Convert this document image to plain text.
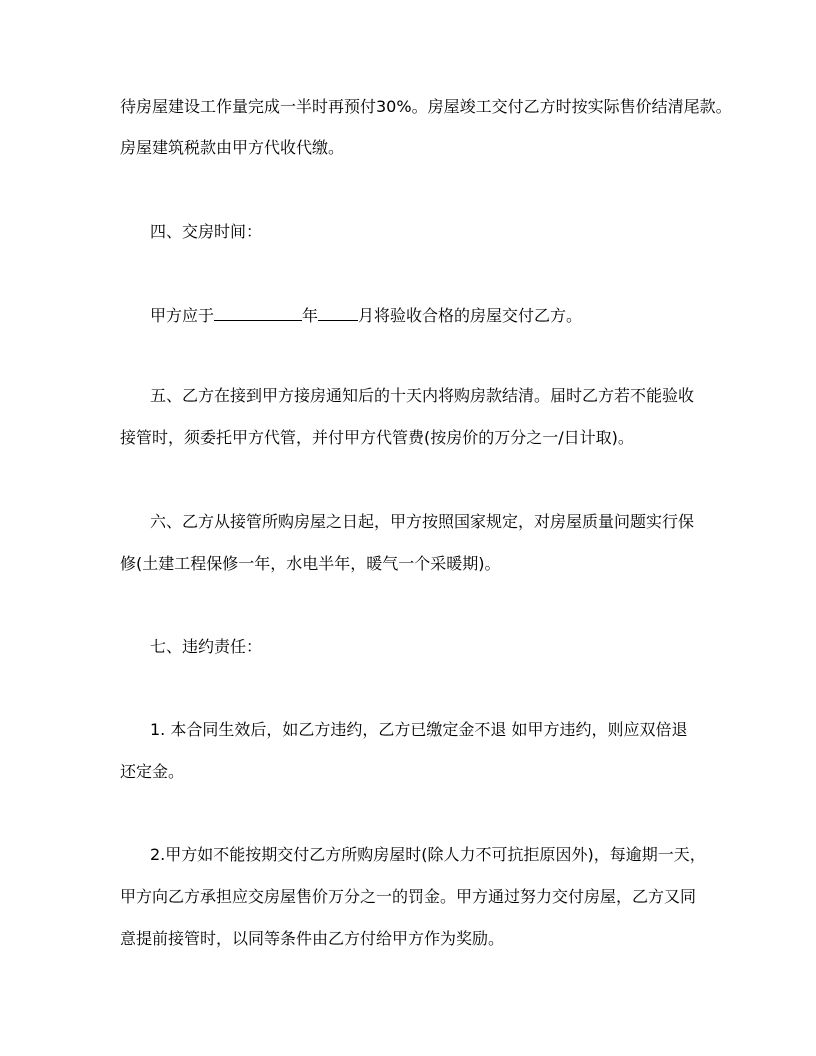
待房屋建设工作量完成一半时再预付30%。房屋竣工交付乙方时按实际售价结清尾款。
房屋建筑税款由甲方代收代缴。
四、交房时间：
甲方应于	年	月将验收合格的房屋交付乙方。
五、乙方在接到甲方接房通知后的十天内将购房款结清。届时乙方若不能验收
接管时，须委托甲方代管，并付甲方代管费(按房价的万分之一/日计取)。
六、乙方从接管所购房屋之日起，甲方按照国家规定，对房屋质量问题实行保
修(土建工程保修一年，水电半年，暖气一个采暖期)。
七、违约责任：
1. 本合同生效后，如乙方违约，乙方已缴定金不退 如甲方违约，则应双倍退
还定金。
2.甲方如不能按期交付乙方所购房屋时(除人力不可抗拒原因外)，每逾期一天，
甲方向乙方承担应交房屋售价万分之一的罚金。甲方通过努力交付房屋，乙方又同
意提前接管时，以同等条件由乙方付给甲方作为奖励。
